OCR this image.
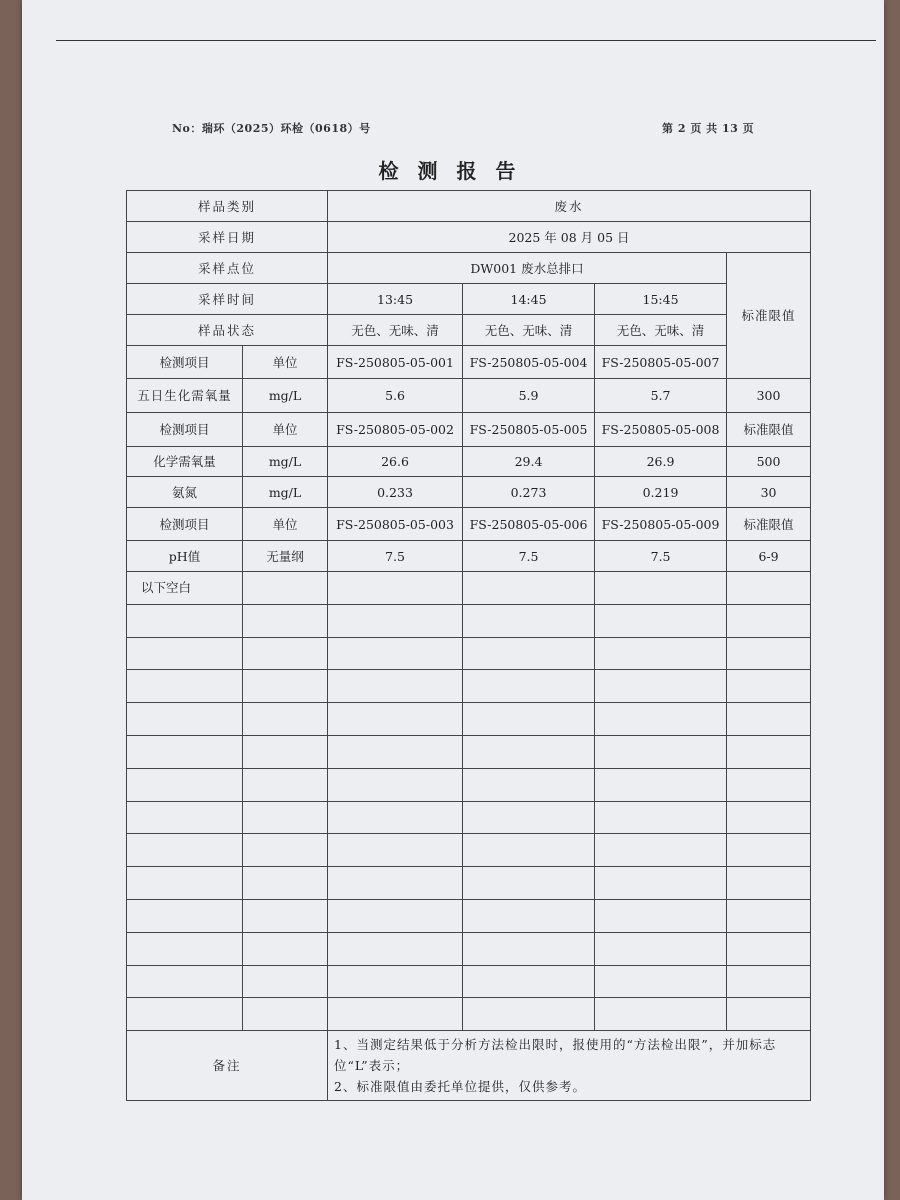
No：瑞环（2025）环检（0618）号	第 2 页 共 13 页
检 测 报 告
样品类别		废水			
采样日期		2025 年 08 月 05 日			
采样点位		DW001 废水总排口			标准限值
采样时间		13:45	14:45	15:45	
样品状态		无色、无味、清	无色、无味、清	无色、无味、清	
检测项目	单位	FS-250805-05-001	FS-250805-05-004	FS-250805-05-007	
五日生化需氧量	mg/L	5.6	5.9	5.7	300
检测项目	单位	FS-250805-05-002	FS-250805-05-005	FS-250805-05-008	标准限值
化学需氧量	mg/L	26.6	29.4	26.9	500
氨氮	mg/L	0.233	0.273	0.219	30
检测项目	单位	FS-250805-05-003	FS-250805-05-006	FS-250805-05-009	标准限值
pH值	无量纲	7.5	7.5	7.5	6-9
以下空白					

备注		1、当测定结果低于分析方法检出限时，报使用的“方法检出限”，并加标志位“L”表示；
2、标准限值由委托单位提供，仅供参考。			
